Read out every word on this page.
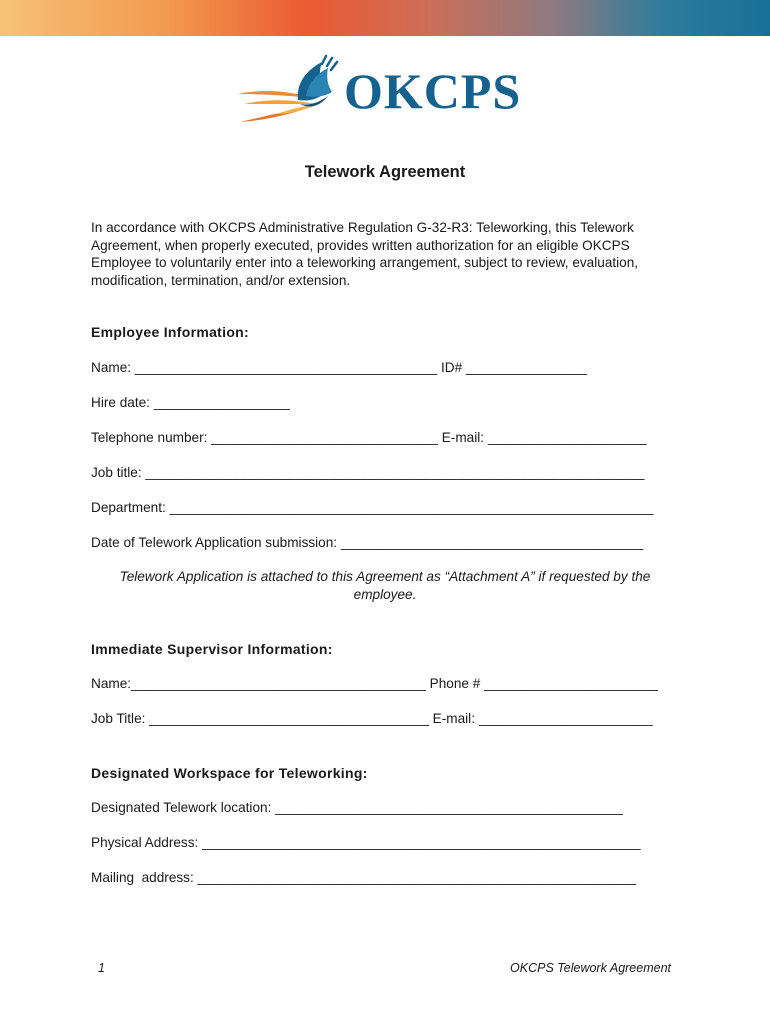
OKCPS
Telework Agreement
In accordance with OKCPS Administrative Regulation G-32-R3: Teleworking, this Telework Agreement, when properly executed, provides written authorization for an eligible OKCPS Employee to voluntarily enter into a teleworking arrangement, subject to review, evaluation, modification, termination, and/or extension.
Employee Information:
Name: ________________________________________ ID# ________________
Hire date: __________________
Telephone number: ______________________________ E-mail: _____________________
Job title: __________________________________________________________________
Department: ________________________________________________________________
Date of Telework Application submission: ________________________________________
Telework Application is attached to this Agreement as “Attachment A” if requested by the employee.
Immediate Supervisor Information:
Name:_______________________________________ Phone # _______________________
Job Title: _____________________________________ E-mail: _______________________
Designated Workspace for Teleworking:
Designated Telework location: ______________________________________________
Physical Address: __________________________________________________________
Mailing  address: __________________________________________________________
1	OKCPS Telework Agreement
